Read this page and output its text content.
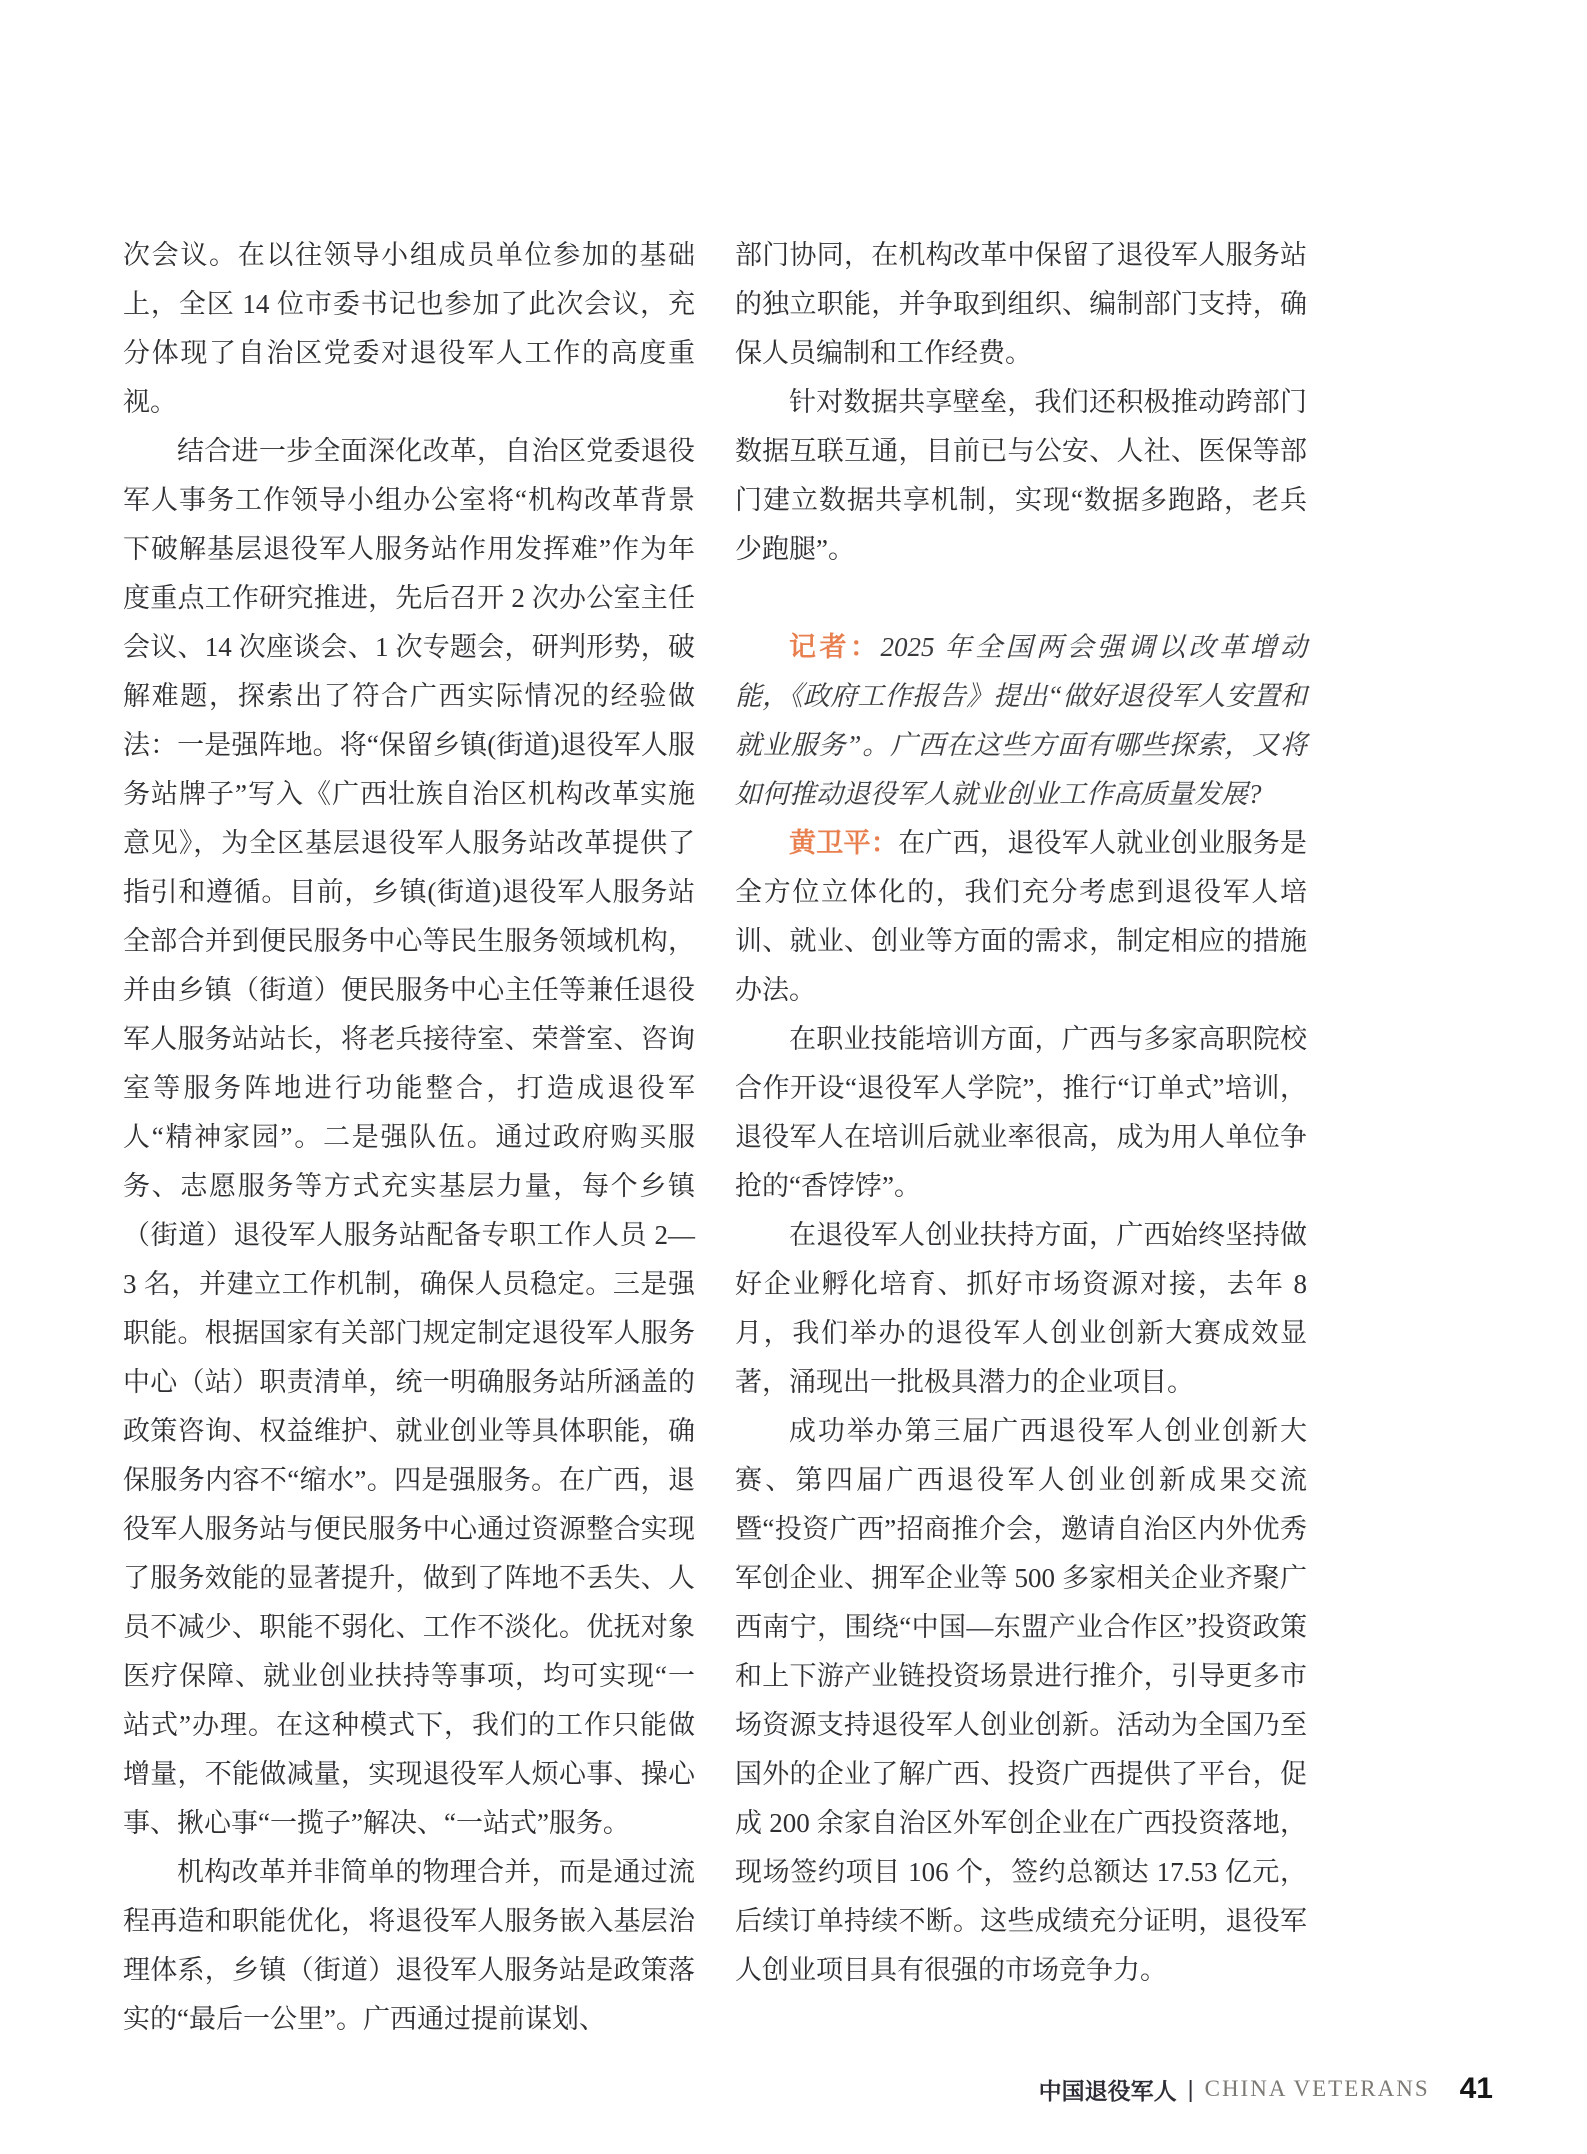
次会议。在以往领导小组成员单位参加的基础上，全区 14 位市委书记也参加了此次会议，充分体现了自治区党委对退役军人工作的高度重视。

结合进一步全面深化改革，自治区党委退役军人事务工作领导小组办公室将“机构改革背景下破解基层退役军人服务站作用发挥难”作为年度重点工作研究推进，先后召开 2 次办公室主任会议、14 次座谈会、1 次专题会，研判形势，破解难题，探索出了符合广西实际情况的经验做法：一是强阵地。将“保留乡镇(街道)退役军人服务站牌子”写入《广西壮族自治区机构改革实施意见》，为全区基层退役军人服务站改革提供了指引和遵循。目前，乡镇(街道)退役军人服务站全部合并到便民服务中心等民生服务领域机构，并由乡镇（街道）便民服务中心主任等兼任退役军人服务站站长，将老兵接待室、荣誉室、咨询室等服务阵地进行功能整合，打造成退役军人“精神家园”。二是强队伍。通过政府购买服务、志愿服务等方式充实基层力量，每个乡镇（街道）退役军人服务站配备专职工作人员 2—3 名，并建立工作机制，确保人员稳定。三是强职能。根据国家有关部门规定制定退役军人服务中心（站）职责清单，统一明确服务站所涵盖的政策咨询、权益维护、就业创业等具体职能，确保服务内容不“缩水”。四是强服务。在广西，退役军人服务站与便民服务中心通过资源整合实现了服务效能的显著提升，做到了阵地不丢失、人员不减少、职能不弱化、工作不淡化。优抚对象医疗保障、就业创业扶持等事项，均可实现“一站式”办理。在这种模式下，我们的工作只能做增量，不能做减量，实现退役军人烦心事、操心事、揪心事“一揽子”解决、“一站式”服务。

机构改革并非简单的物理合并，而是通过流程再造和职能优化，将退役军人服务嵌入基层治理体系，乡镇（街道）退役军人服务站是政策落实的“最后一公里”。广西通过提前谋划、

部门协同，在机构改革中保留了退役军人服务站的独立职能，并争取到组织、编制部门支持，确保人员编制和工作经费。

针对数据共享壁垒，我们还积极推动跨部门数据互联互通，目前已与公安、人社、医保等部门建立数据共享机制，实现“数据多跑路，老兵少跑腿”。

记者：2025 年全国两会强调以改革增动能，《政府工作报告》提出“做好退役军人安置和就业服务”。广西在这些方面有哪些探索，又将如何推动退役军人就业创业工作高质量发展?

黄卫平：在广西，退役军人就业创业服务是全方位立体化的，我们充分考虑到退役军人培训、就业、创业等方面的需求，制定相应的措施办法。

在职业技能培训方面，广西与多家高职院校合作开设“退役军人学院”，推行“订单式”培训，退役军人在培训后就业率很高，成为用人单位争抢的“香饽饽”。

在退役军人创业扶持方面，广西始终坚持做好企业孵化培育、抓好市场资源对接，去年 8 月，我们举办的退役军人创业创新大赛成效显著，涌现出一批极具潜力的企业项目。

成功举办第三届广西退役军人创业创新大赛、第四届广西退役军人创业创新成果交流暨“投资广西”招商推介会，邀请自治区内外优秀军创企业、拥军企业等 500 多家相关企业齐聚广西南宁，围绕“中国—东盟产业合作区”投资政策和上下游产业链投资场景进行推介，引导更多市场资源支持退役军人创业创新。活动为全国乃至国外的企业了解广西、投资广西提供了平台，促成 200 余家自治区外军创企业在广西投资落地，现场签约项目 106 个，签约总额达 17.53 亿元，后续订单持续不断。这些成绩充分证明，退役军人创业项目具有很强的市场竞争力。

中国退役军人 | CHINA VETERANS 41
